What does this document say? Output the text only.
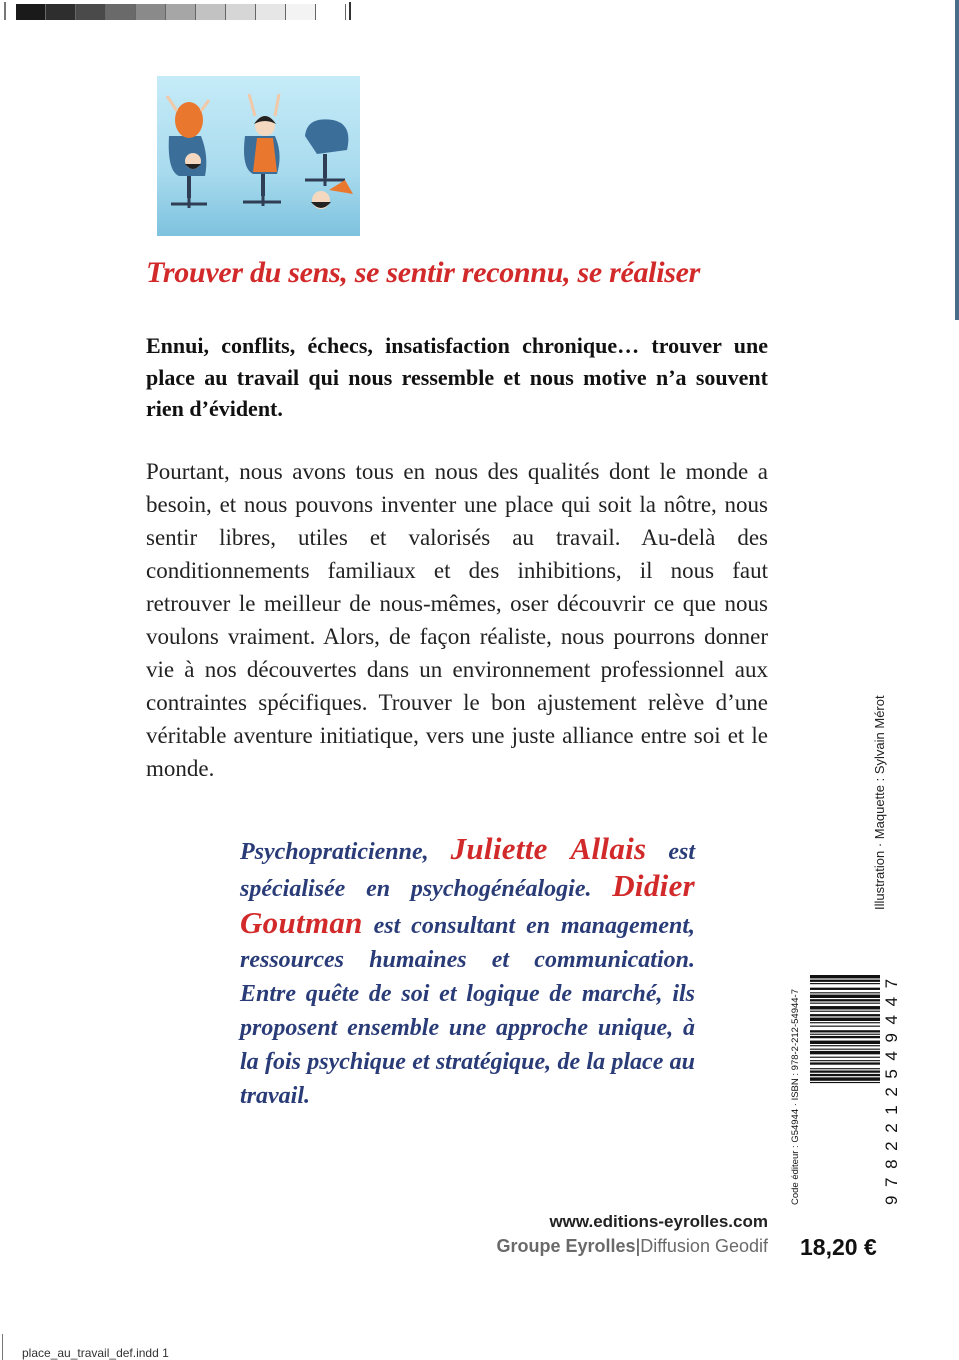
Trouver du sens, se sentir reconnu, se réaliser

Ennui, conflits, échecs, insatisfaction chronique… trouver une place au travail qui nous ressemble et nous motive n’a souvent rien d’évident.

Pourtant, nous avons tous en nous des qualités dont le monde a besoin, et nous pouvons inventer une place qui soit la nôtre, nous sentir libres, utiles et valorisés au travail. Au-delà des conditionnements familiaux et des inhibitions, il nous faut retrouver le meilleur de nous-mêmes, oser découvrir ce que nous voulons vraiment. Alors, de façon réaliste, nous pourrons donner vie à nos découvertes dans un environnement professionnel aux contraintes spécifiques. Trouver le bon ajustement relève d’une véritable aventure initiatique, vers une juste alliance entre soi et le monde.

Psychopraticienne, Juliette Allais est spécialisée en psychogénéalogie. Didier Goutman est consultant en management, ressources humaines et communication. Entre quête de soi et logique de marché, ils proposent ensemble une approche unique, à la fois psychique et stratégique, de la place au travail.

www.editions-eyrolles.com

Groupe Eyrolles|Diffusion Geodif

Illustration · Maquette : Sylvain Mérot

Code éditeur : G54944 · ISBN : 978-2-212-54944-7	9782212549447

18,20 €

place_au_travail_def.indd 1
